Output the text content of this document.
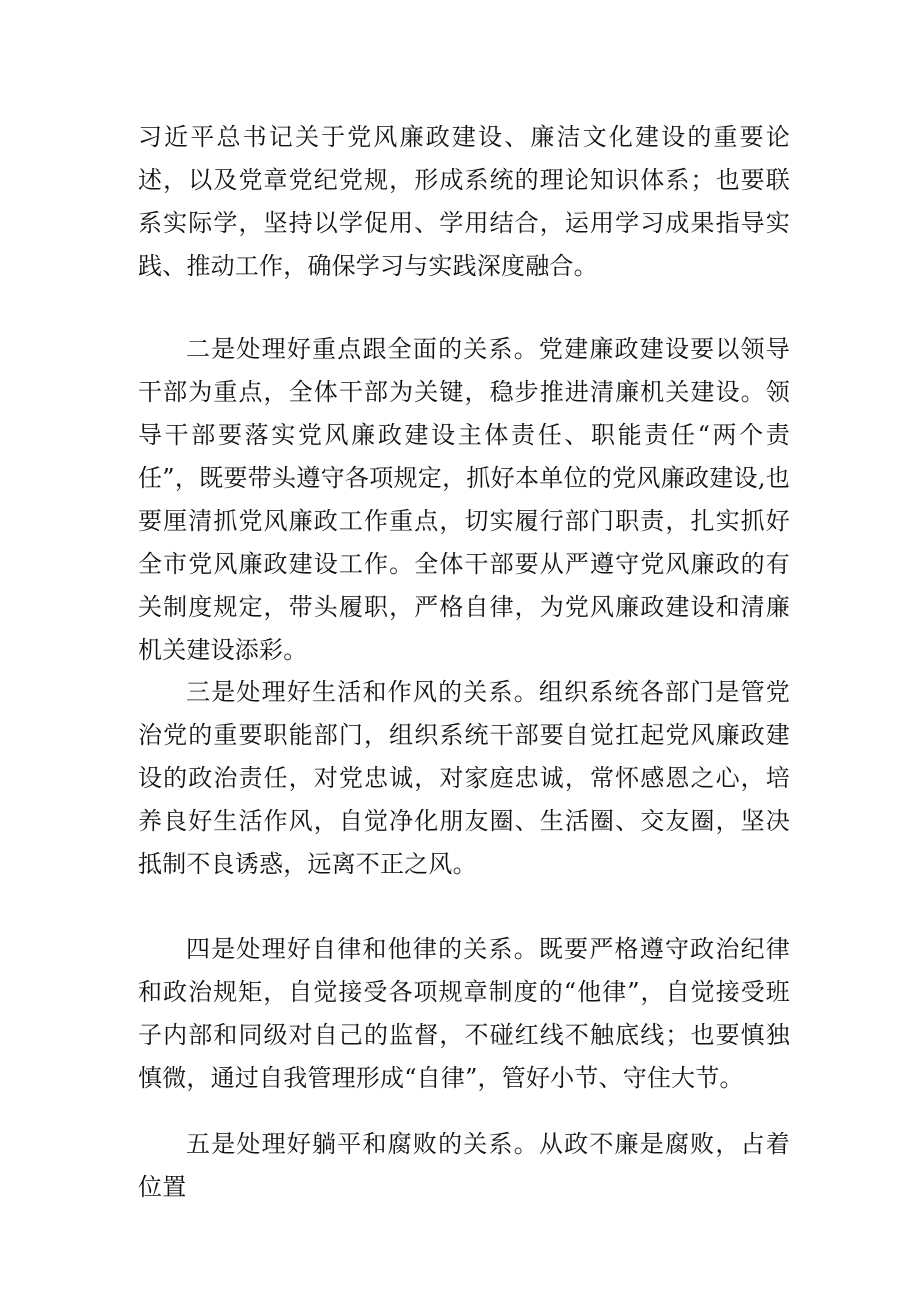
习近平总书记关于党风廉政建设、廉洁文化建设的重要论述，以及党章党纪党规，形成系统的理论知识体系；也要联系实际学，坚持以学促用、学用结合，运用学习成果指导实践、推动工作，确保学习与实践深度融合。

二是处理好重点跟全面的关系。党建廉政建设要以领导干部为重点，全体干部为关键，稳步推进清廉机关建设。领导干部要落实党风廉政建设主体责任、职能责任“两个责任”，既要带头遵守各项规定，抓好本单位的党风廉政建设,也要厘清抓党风廉政工作重点，切实履行部门职责，扎实抓好全市党风廉政建设工作。全体干部要从严遵守党风廉政的有关制度规定，带头履职，严格自律，为党风廉政建设和清廉机关建设添彩。

三是处理好生活和作风的关系。组织系统各部门是管党治党的重要职能部门，组织系统干部要自觉扛起党风廉政建设的政治责任，对党忠诚，对家庭忠诚，常怀感恩之心，培养良好生活作风，自觉净化朋友圈、生活圈、交友圈，坚决抵制不良诱惑，远离不正之风。

四是处理好自律和他律的关系。既要严格遵守政治纪律和政治规矩，自觉接受各项规章制度的“他律”，自觉接受班子内部和同级对自己的监督，不碰红线不触底线；也要慎独慎微，通过自我管理形成“自律”，管好小节、守住大节。

五是处理好躺平和腐败的关系。从政不廉是腐败，占着位置
